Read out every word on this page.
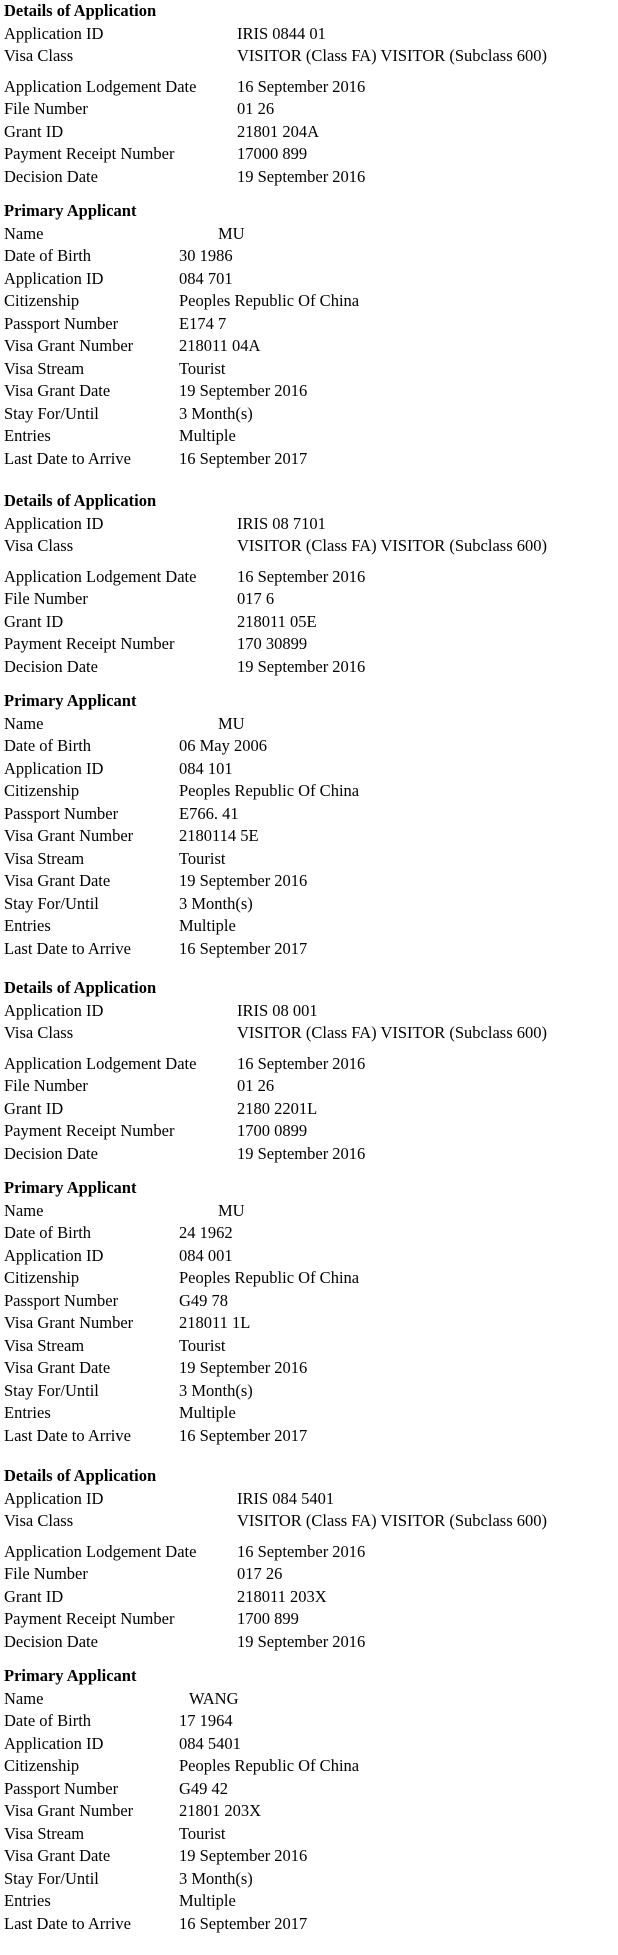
Details of Application
Application ID	IRIS 0844 01
Visa Class	VISITOR (Class FA) VISITOR (Subclass 600)
Application Lodgement Date 16 September 2016
File Number	01 26
Grant ID	21801 204A
Payment Receipt Number	17000 899
Decision Date	19 September 2016
Primary Applicant
Name	MU
Date of Birth	30 1986
Application ID	084 701
Citizenship	Peoples Republic Of China
Passport Number	E174 7
Visa Grant Number	218011 04A
Visa Stream	Tourist
Visa Grant Date	19 September 2016
Stay For/Until	3 Month(s)
Entries	Multiple
Last Date to Arrive	16 September 2017
Details of Application
Application ID	IRIS 08 7101
Visa Class	VISITOR (Class FA) VISITOR (Subclass 600)
Application Lodgement Date 16 September 2016
File Number	017 6
Grant ID	218011 05E
Payment Receipt Number	170 30899
Decision Date	19 September 2016
Primary Applicant
Name	MU
Date of Birth	06 May 2006
Application ID	084 101
Citizenship	Peoples Republic Of China
Passport Number	E766. 41
Visa Grant Number	2180114 5E
Visa Stream	Tourist
Visa Grant Date	19 September 2016
Stay For/Until	3 Month(s)
Entries	Multiple
Last Date to Arrive	16 September 2017
Details of Application
Application ID	IRIS 08 001
Visa Class	VISITOR (Class FA) VISITOR (Subclass 600)
Application Lodgement Date 16 September 2016
File Number	01 26
Grant ID	2180 2201L
Payment Receipt Number	1700 0899
Decision Date	19 September 2016
Primary Applicant
Name	MU
Date of Birth	24 1962
Application ID	084 001
Citizenship	Peoples Republic Of China
Passport Number	G49 78
Visa Grant Number	218011 1L
Visa Stream	Tourist
Visa Grant Date	19 September 2016
Stay For/Until	3 Month(s)
Entries	Multiple
Last Date to Arrive	16 September 2017
Details of Application
Application ID	IRIS 084 5401
Visa Class	VISITOR (Class FA) VISITOR (Subclass 600)
Application Lodgement Date 16 September 2016
File Number	017 26
Grant ID	218011 203X
Payment Receipt Number	1700 899
Decision Date	19 September 2016
Primary Applicant
Name	WANG
Date of Birth	17 1964
Application ID	084 5401
Citizenship	Peoples Republic Of China
Passport Number	G49 42
Visa Grant Number	21801 203X
Visa Stream	Tourist
Visa Grant Date	19 September 2016
Stay For/Until	3 Month(s)
Entries	Multiple
Last Date to Arrive	16 September 2017
